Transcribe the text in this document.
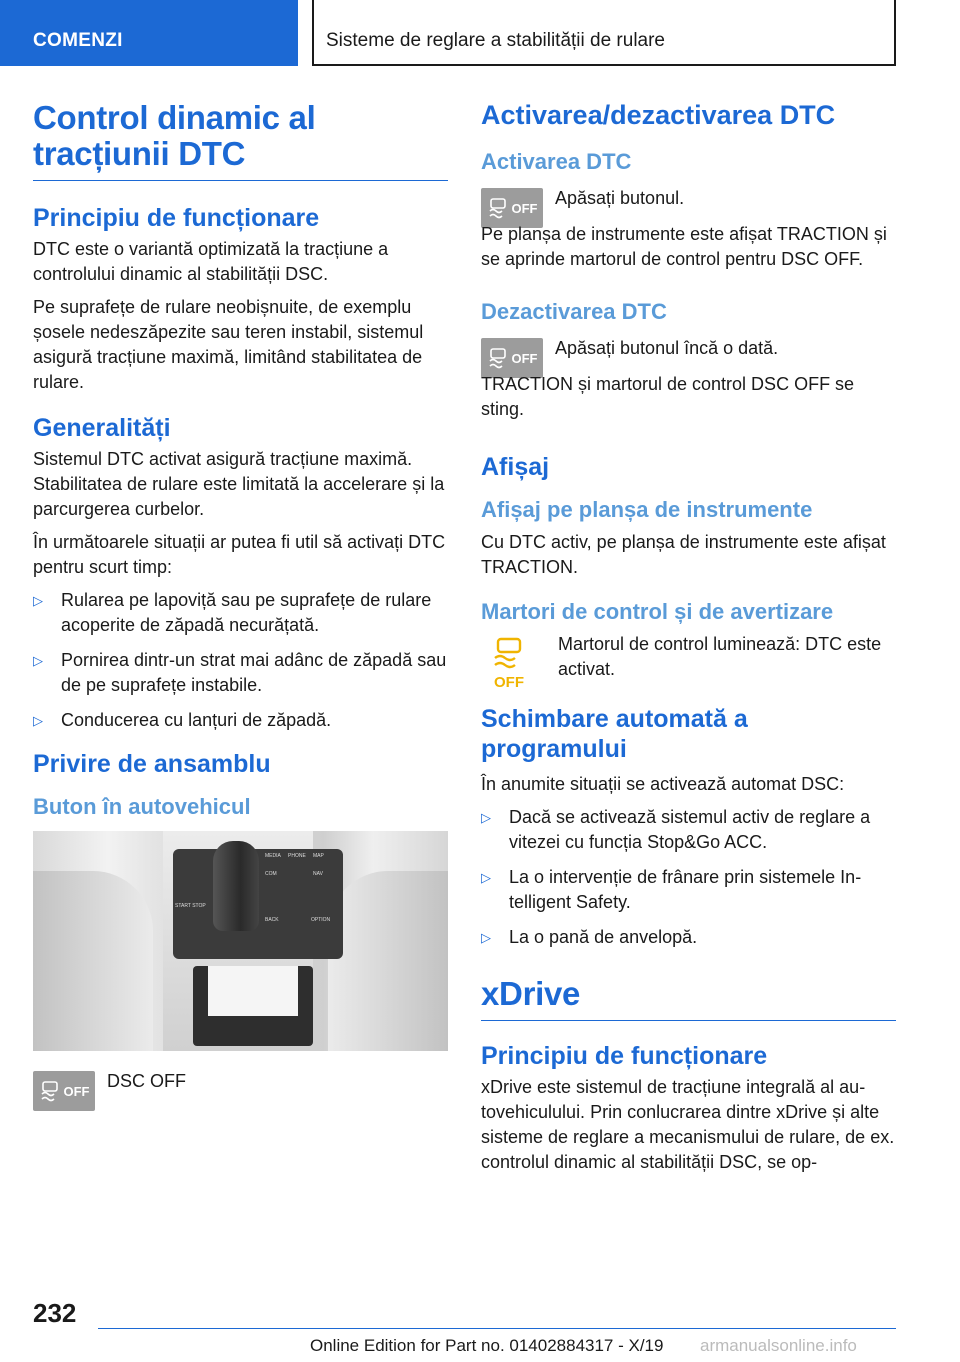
COMENZI	Sisteme de reglare a stabilității de rulare
Control dinamic al tracțiunii DTC
Principiu de funcționare

DTC este o variantă optimizată la tracțiune a controlului dinamic al stabilității DSC.

Pe suprafețe de rulare neobișnuite, de exemplu șosele nedeszăpezite sau teren instabil, sistemul asigură tracțiune maximă, limitând stabilitatea de rulare.

Generalități

Sistemul DTC activat asigură tracțiune maximă. Stabilitatea de rulare este limitată la accelerare și la parcurgerea curbelor.

În următoarele situații ar putea fi util să activați DTC pentru scurt timp:

▷ Rularea pe lapoviță sau pe suprafețe de rulare acoperite de zăpadă necurățată.
▷ Pornirea dintr-un strat mai adânc de zăpadă sau de pe suprafețe instabile.
▷ Conducerea cu lanțuri de zăpadă.
Privire de ansamblu
Buton în autovehicul
MEDIA PHONE MAP
COM	NAV
BACK	OPTION
START STOP
OFF DSC OFF

Activarea/dezactivarea DTC
Activarea DTC
OFF Apăsați butonul.

Pe planșa de instrumente este afișat TRACTION și se aprinde martorul de control pentru DSC OFF.

Dezactivarea DTC
OFF Apăsați butonul încă o dată.

TRACTION și martorul de control DSC OFF se sting.

Afișaj
Afișaj pe planșa de instrumente

Cu DTC activ, pe planșa de instrumente este afișat TRACTION.

Martori de control și de avertizare
OFF

Martorul de control luminează: DTC este activat.

Schimbare automată a programului

În anumite situații se activează automat DSC:

▷ Dacă se activează sistemul activ de reglare a vitezei cu funcția Stop&Go ACC.
▷ La o intervenție de frânare prin sistemele Intelligent Safety.
▷ La o pană de anvelopă.
xDrive
Principiu de funcționare

xDrive este sistemul de tracțiune integrală al autovehiculului. Prin conlucrarea dintre xDrive și alte sisteme de reglare a mecanismului de rulare, de ex. controlul dinamic al stabilității DSC, se op-

232
Online Edition for Part no. 01402884317 - X/19 armanualsonline.info
